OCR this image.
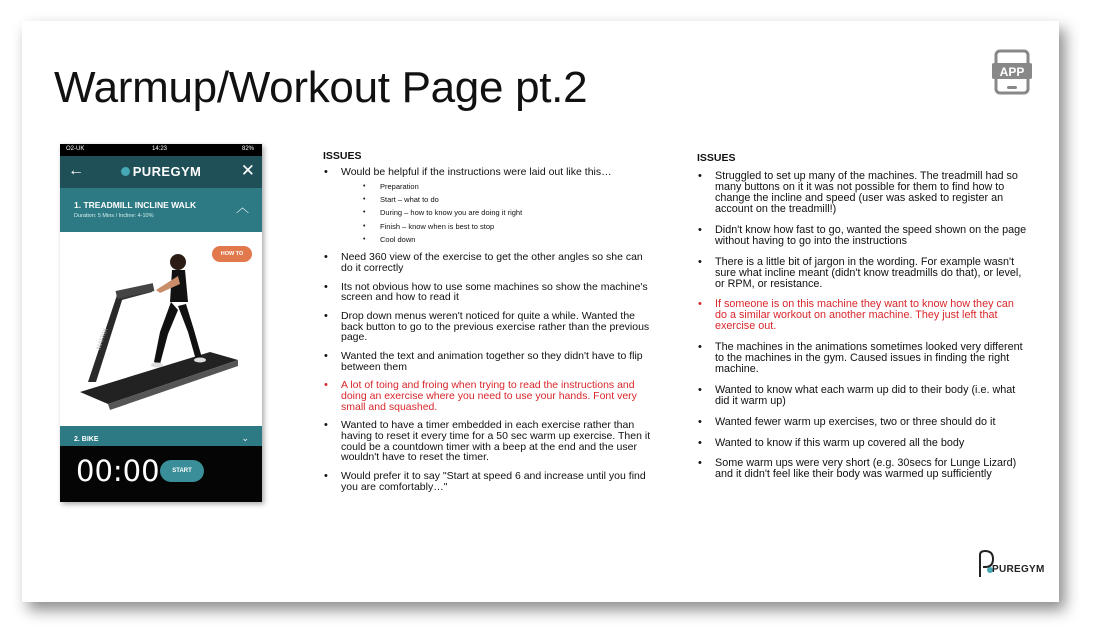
Warmup/Workout Page pt.2	APP
O2-UK	14:23	82%
←	PUREGYM	✕
1. TREADMILL INCLINE WALK
Duration: 5 Mins / Incline: 4-10%
︿
HOW TO
MATRIX
2. BIKE	⌄
00:00	START
ISSUES
• Would be helpful if the instructions were laid out like this…
• Preparation
• Start – what to do
• During – how to know you are doing it right
• Finish – know when is best to stop
• Cool down
• Need 360 view of the exercise to get the other angles so she can do it correctly
• Its not obvious how to use some machines so show the machine's screen and how to read it
• Drop down menus weren't noticed for quite a while. Wanted the back button to go to the previous exercise rather than the previous page.
• Wanted the text and animation together so they didn't have to flip between them
• A lot of toing and froing when trying to read the instructions and doing an exercise where you need to use your hands. Font very small and squashed.
• Wanted to have a timer embedded in each exercise rather than having to reset it every time for a 50 sec warm up exercise. Then it could be a countdown timer with a beep at the end and the user wouldn't have to reset the timer.
• Would prefer it to say "Start at speed 6 and increase until you find you are comfortably…"
ISSUES
• Struggled to set up many of the machines. The treadmill had so many buttons on it it was not possible for them to find how to change the incline and speed (user was asked to register an account on the treadmill!)
• Didn't know how fast to go, wanted the speed shown on the page without having to go into the instructions
• There is a little bit of jargon in the wording. For example wasn't sure what incline meant (didn't know treadmills do that), or level, or RPM, or resistance.
• If someone is on this machine they want to know how they can do a similar workout on another machine. They just left that exercise out.
• The machines in the animations sometimes looked very different to the machines in the gym. Caused issues in finding the right machine.
• Wanted to know what each warm up did to their body (i.e. what did it warm up)
• Wanted fewer warm up exercises, two or three should do it
• Wanted to know if this warm up covered all the body
• Some warm ups were very short (e.g. 30secs for Lunge Lizard) and it didn't feel like their body was warmed up sufficiently
PUREGYM
